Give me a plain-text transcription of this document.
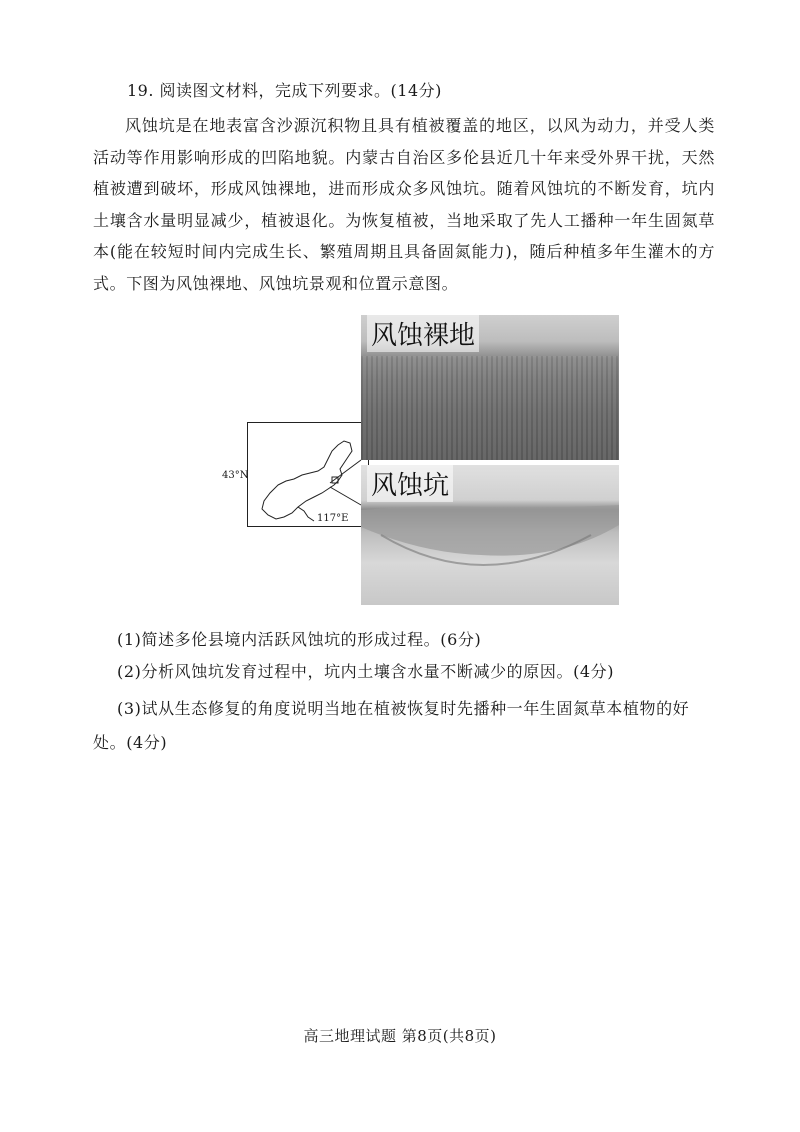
19. 阅读图文材料，完成下列要求。(14分)
风蚀坑是在地表富含沙源沉积物且具有植被覆盖的地区，以风为动力，并受人类活动等作用影响形成的凹陷地貌。内蒙古自治区多伦县近几十年来受外界干扰，天然植被遭到破坏，形成风蚀裸地，进而形成众多风蚀坑。随着风蚀坑的不断发育，坑内土壤含水量明显减少，植被退化。为恢复植被，当地采取了先人工播种一年生固氮草本(能在较短时间内完成生长、繁殖周期且具备固氮能力)，随后种植多年生灌木的方式。下图为风蚀裸地、风蚀坑景观和位置示意图。
43°N
117°E
风蚀裸地
风蚀坑
(1)简述多伦县境内活跃风蚀坑的形成过程。(6分)
(2)分析风蚀坑发育过程中，坑内土壤含水量不断减少的原因。(4分)
(3)试从生态修复的角度说明当地在植被恢复时先播种一年生固氮草本植物的好处。(4分)
高三地理试题 第8页(共8页)
